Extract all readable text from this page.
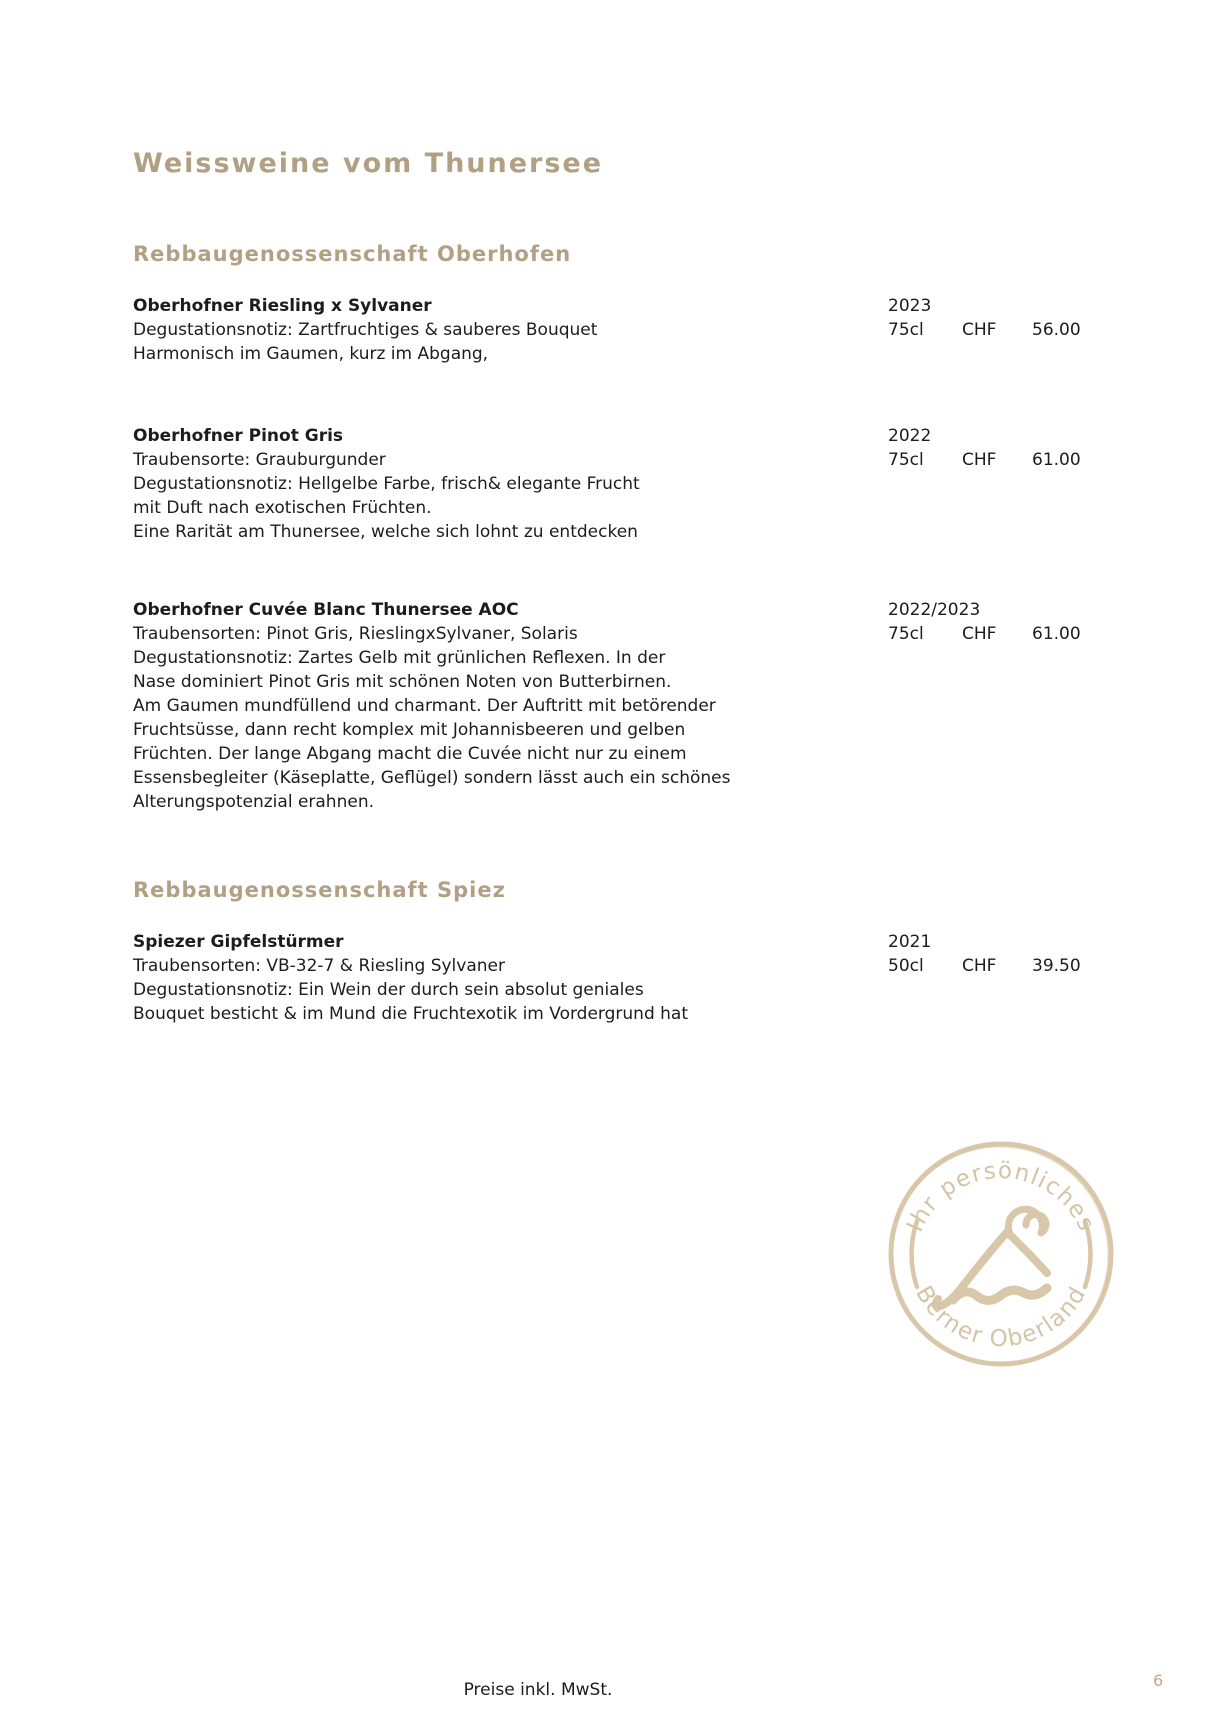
Weissweine vom Thunersee
Rebbaugenossenschaft Oberhofen
Oberhofner Riesling x Sylvaner
Degustationsnotiz: Zartfruchtiges & sauberes Bouquet
Harmonisch im Gaumen, kurz im Abgang,
2023
75cl	CHF	56.00
Oberhofner Pinot Gris
Traubensorte: Grauburgunder
Degustationsnotiz: Hellgelbe Farbe, frisch& elegante Frucht
mit Duft nach exotischen Früchten.
Eine Rarität am Thunersee, welche sich lohnt zu entdecken
2022
75cl	CHF	61.00
Oberhofner Cuvée Blanc Thunersee AOC
Traubensorten: Pinot Gris, RieslingxSylvaner, Solaris
Degustationsnotiz: Zartes Gelb mit grünlichen Reflexen. In der
Nase dominiert Pinot Gris mit schönen Noten von Butterbirnen.
Am Gaumen mundfüllend und charmant. Der Auftritt mit betörender
Fruchtsüsse, dann recht komplex mit Johannisbeeren und gelben
Früchten. Der lange Abgang macht die Cuvée nicht nur zu einem
Essensbegleiter (Käseplatte, Geflügel) sondern lässt auch ein schönes
Alterungspotenzial erahnen.
2022/2023
75cl	CHF	61.00
Rebbaugenossenschaft Spiez
Spiezer Gipfelstürmer
Traubensorten: VB-32-7 & Riesling Sylvaner
Degustationsnotiz: Ein Wein der durch sein absolut geniales
Bouquet besticht & im Mund die Fruchtexotik im Vordergrund hat
2021
50cl	CHF	39.50
Ihr persönliches
Berner Oberland
Preise inkl. MwSt.	6
